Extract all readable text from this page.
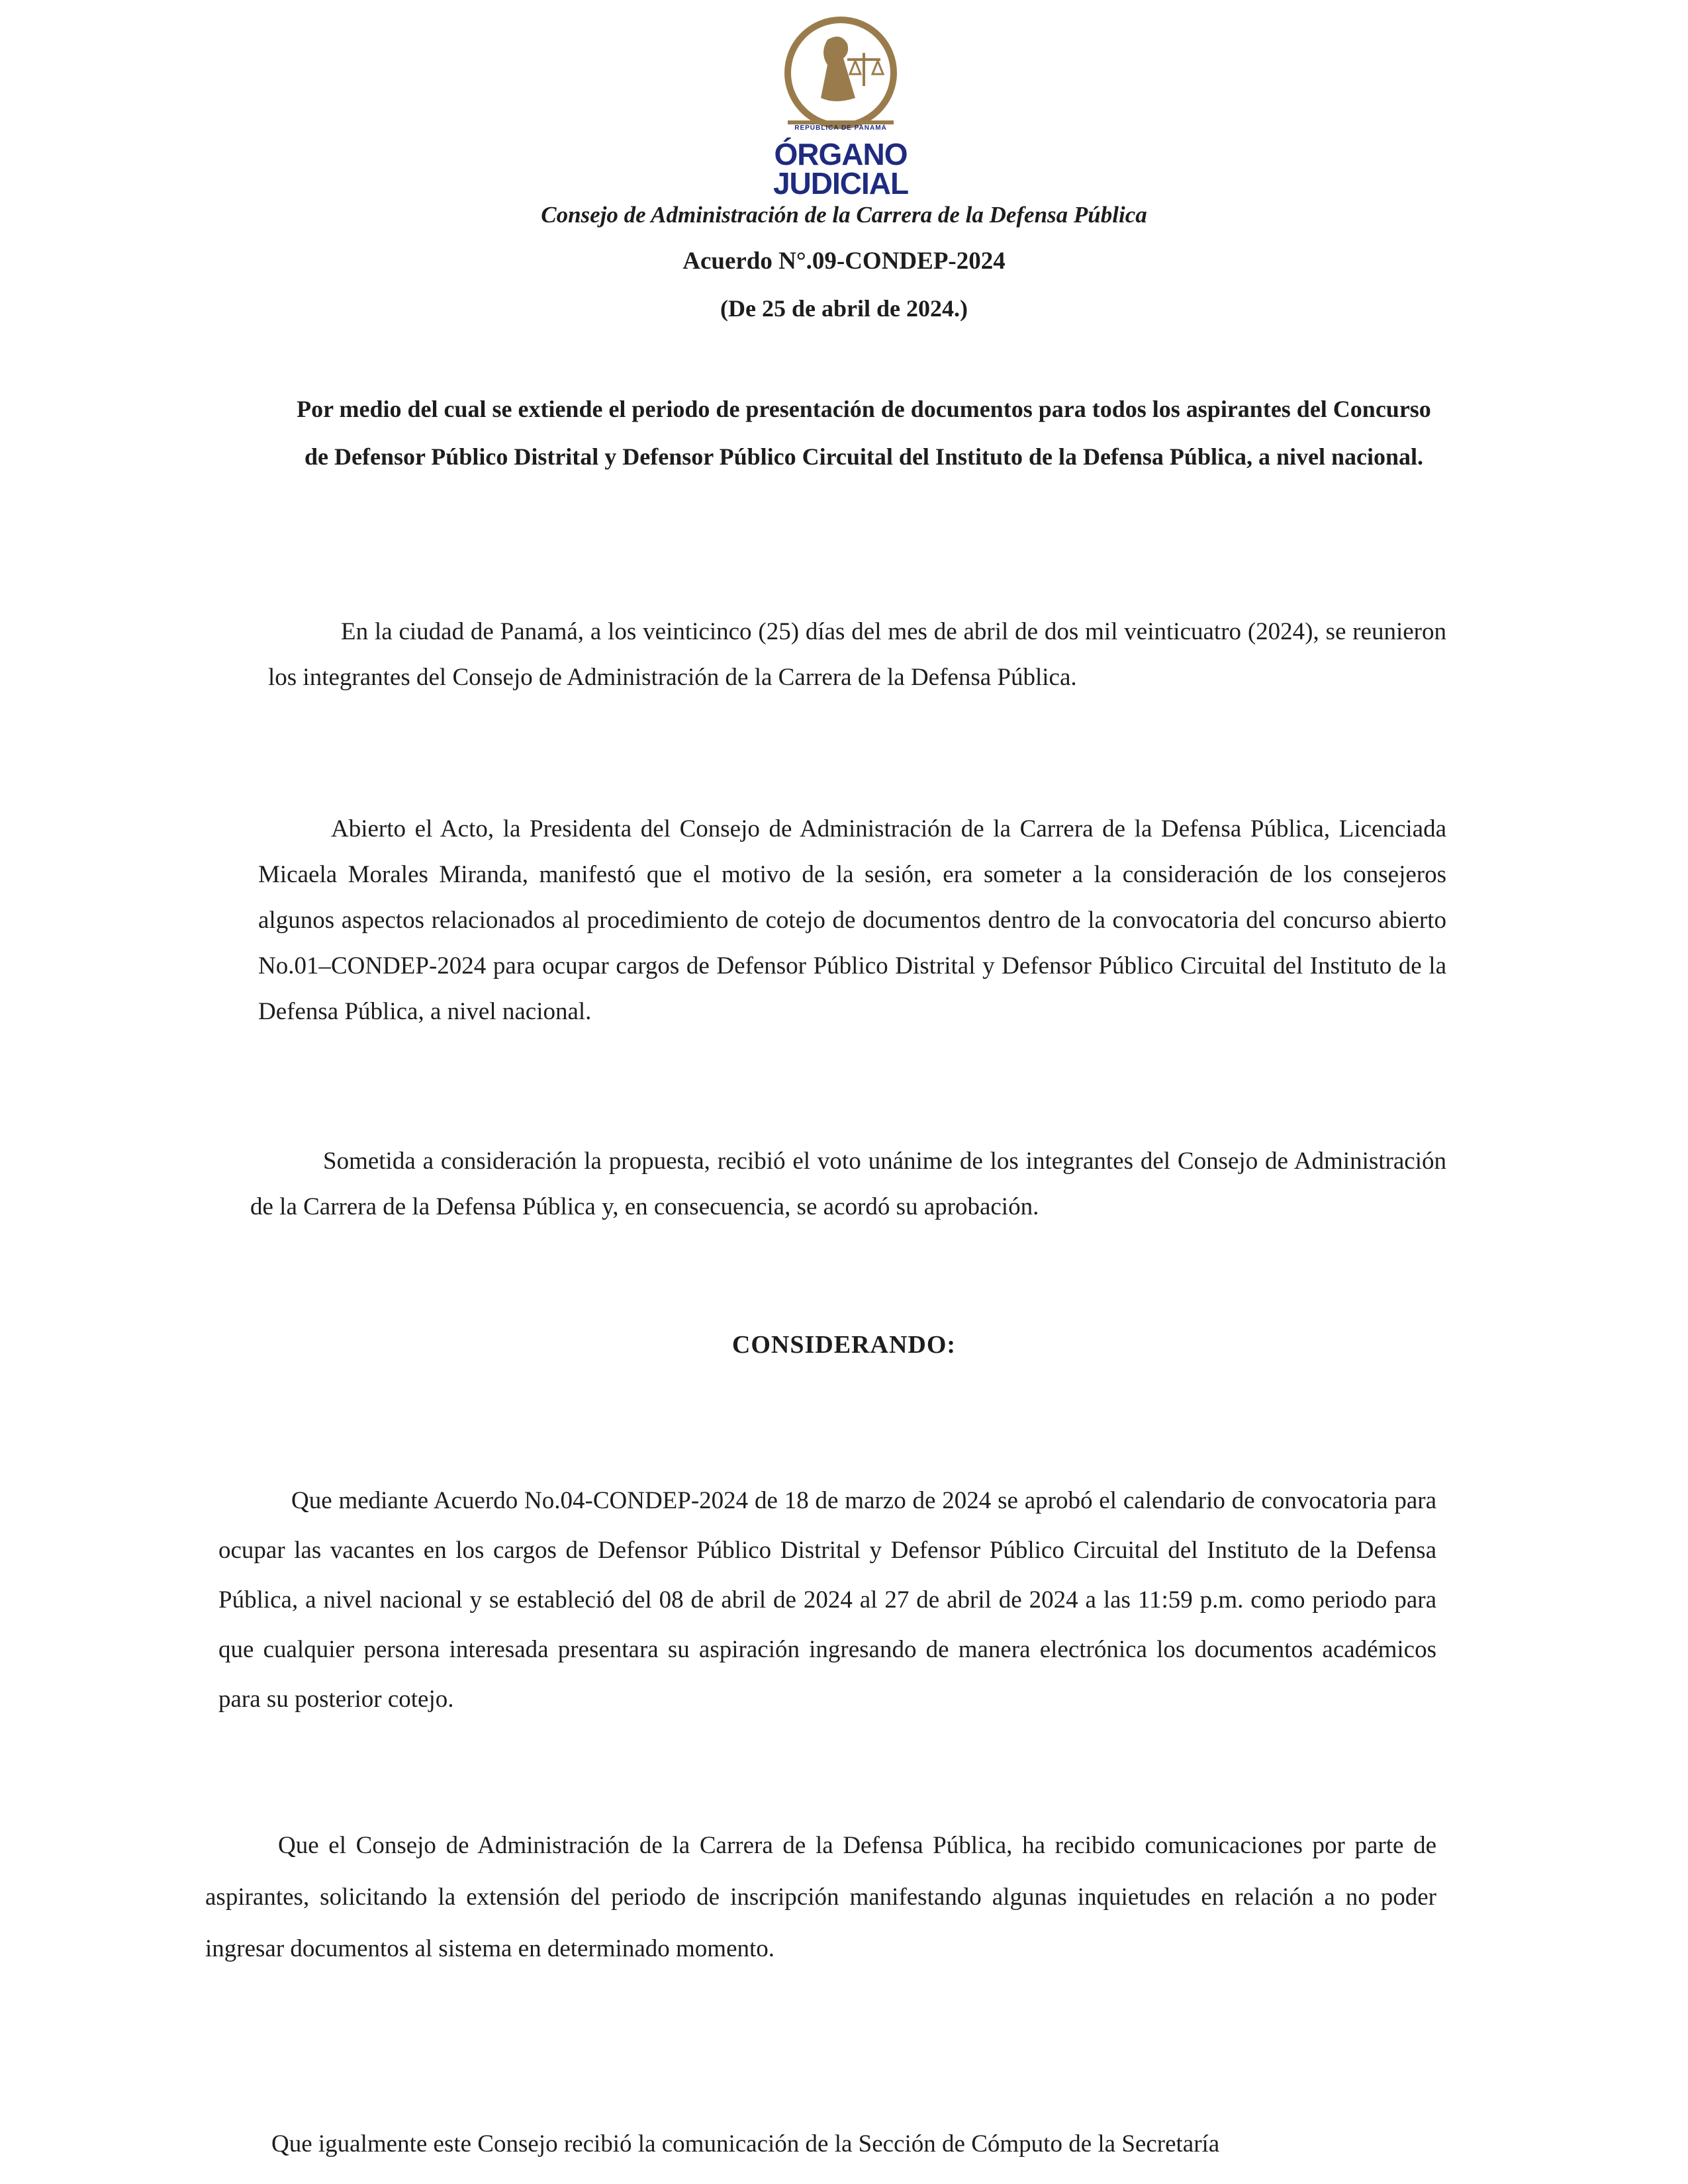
REPÚBLICA DE PANAMÁ
ÓRGANO
JUDICIAL
Consejo de Administración de la Carrera de la Defensa Pública
Acuerdo N°.09-CONDEP-2024
(De 25 de abril de 2024.)
Por medio del cual se extiende el periodo de presentación de documentos para todos los aspirantes del Concurso de Defensor Público Distrital y Defensor Público Circuital del Instituto de la Defensa Pública, a nivel nacional.
En la ciudad de Panamá, a los veinticinco (25) días del mes de abril de dos mil veinticuatro (2024), se reunieron los integrantes del Consejo de Administración de la Carrera de la Defensa Pública.
Abierto el Acto, la Presidenta del Consejo de Administración de la Carrera de la Defensa Pública, Licenciada Micaela Morales Miranda, manifestó que el motivo de la sesión, era someter a la consideración de los consejeros algunos aspectos relacionados al procedimiento de cotejo de documentos dentro de la convocatoria del concurso abierto No.01–CONDEP-2024 para ocupar cargos de Defensor Público Distrital y Defensor Público Circuital del Instituto de la Defensa Pública, a nivel nacional.
Sometida a consideración la propuesta, recibió el voto unánime de los integrantes del Consejo de Administración de la Carrera de la Defensa Pública y, en consecuencia, se acordó su aprobación.
CONSIDERANDO:
Que mediante Acuerdo No.04-CONDEP-2024 de 18 de marzo de 2024 se aprobó el calendario de convocatoria para ocupar las vacantes en los cargos de Defensor Público Distrital y Defensor Público Circuital del Instituto de la Defensa Pública, a nivel nacional y se estableció del 08 de abril de 2024 al 27 de abril de 2024 a las 11:59 p.m. como periodo para que cualquier persona interesada presentara su aspiración ingresando de manera electrónica los documentos académicos para su posterior cotejo.
Que el Consejo de Administración de la Carrera de la Defensa Pública, ha recibido comunicaciones por parte de aspirantes, solicitando la extensión del periodo de inscripción manifestando algunas inquietudes en relación a no poder ingresar documentos al sistema en determinado momento.
Que igualmente este Consejo recibió la comunicación de la Sección de Cómputo de la Secretaría
